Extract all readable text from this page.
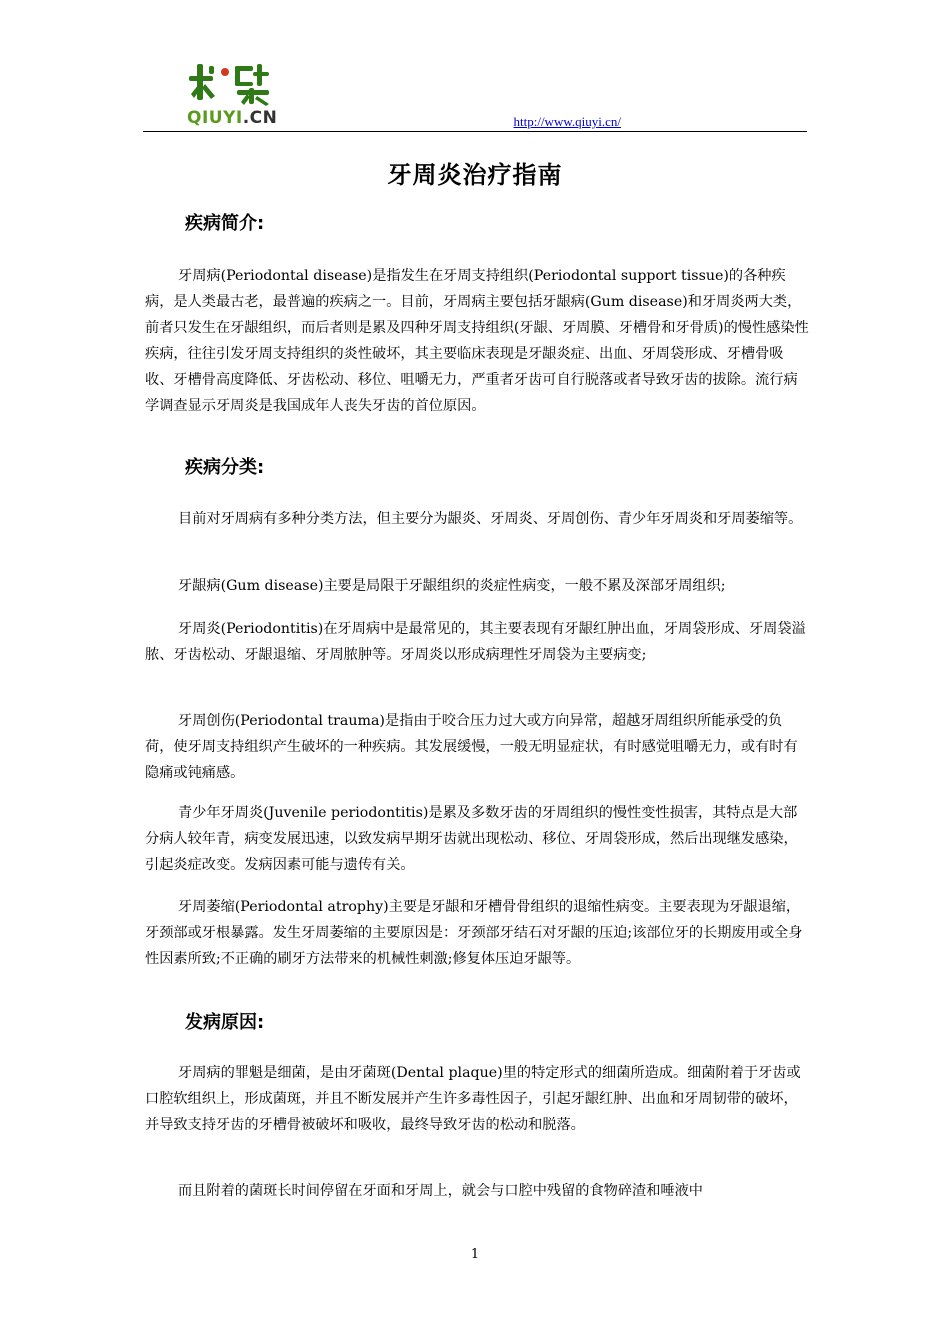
QIUYI.CN	http://www.qiuyi.cn/
牙周炎治疗指南
疾病简介:

牙周病(Periodontal disease)是指发生在牙周支持组织(Periodontal support tissue)的各种疾病，是人类最古老，最普遍的疾病之一。目前，牙周病主要包括牙龈病(Gum disease)和牙周炎两大类，前者只发生在牙龈组织，而后者则是累及四种牙周支持组织(牙龈、牙周膜、牙槽骨和牙骨质)的慢性感染性疾病，往往引发牙周支持组织的炎性破坏，其主要临床表现是牙龈炎症、出血、牙周袋形成、牙槽骨吸收、牙槽骨高度降低、牙齿松动、移位、咀嚼无力，严重者牙齿可自行脱落或者导致牙齿的拔除。流行病学调查显示牙周炎是我国成年人丧失牙齿的首位原因。

疾病分类:

目前对牙周病有多种分类方法，但主要分为龈炎、牙周炎、牙周创伤、青少年牙周炎和牙周萎缩等。

牙龈病(Gum disease)主要是局限于牙龈组织的炎症性病变，一般不累及深部牙周组织;

牙周炎(Periodontitis)在牙周病中是最常见的，其主要表现有牙龈红肿出血，牙周袋形成、牙周袋溢脓、牙齿松动、牙龈退缩、牙周脓肿等。牙周炎以形成病理性牙周袋为主要病变;

牙周创伤(Periodontal trauma)是指由于咬合压力过大或方向异常，超越牙周组织所能承受的负荷，使牙周支持组织产生破坏的一种疾病。其发展缓慢，一般无明显症状，有时感觉咀嚼无力，或有时有隐痛或钝痛感。

青少年牙周炎(Juvenile periodontitis)是累及多数牙齿的牙周组织的慢性变性损害，其特点是大部分病人较年青，病变发展迅速，以致发病早期牙齿就出现松动、移位、牙周袋形成，然后出现继发感染，引起炎症改变。发病因素可能与遗传有关。

牙周萎缩(Periodontal atrophy)主要是牙龈和牙槽骨骨组织的退缩性病变。主要表现为牙龈退缩，牙颈部或牙根暴露。发生牙周萎缩的主要原因是：牙颈部牙结石对牙龈的压迫;该部位牙的长期废用或全身性因素所致;不正确的刷牙方法带来的机械性刺激;修复体压迫牙龈等。

发病原因:

牙周病的罪魁是细菌，是由牙菌斑(Dental plaque)里的特定形式的细菌所造成。细菌附着于牙齿或口腔软组织上，形成菌斑，并且不断发展并产生许多毒性因子，引起牙龈红肿、出血和牙周韧带的破坏，并导致支持牙齿的牙槽骨被破坏和吸收，最终导致牙齿的松动和脱落。

而且附着的菌斑长时间停留在牙面和牙周上，就会与口腔中残留的食物碎渣和唾液中

1
